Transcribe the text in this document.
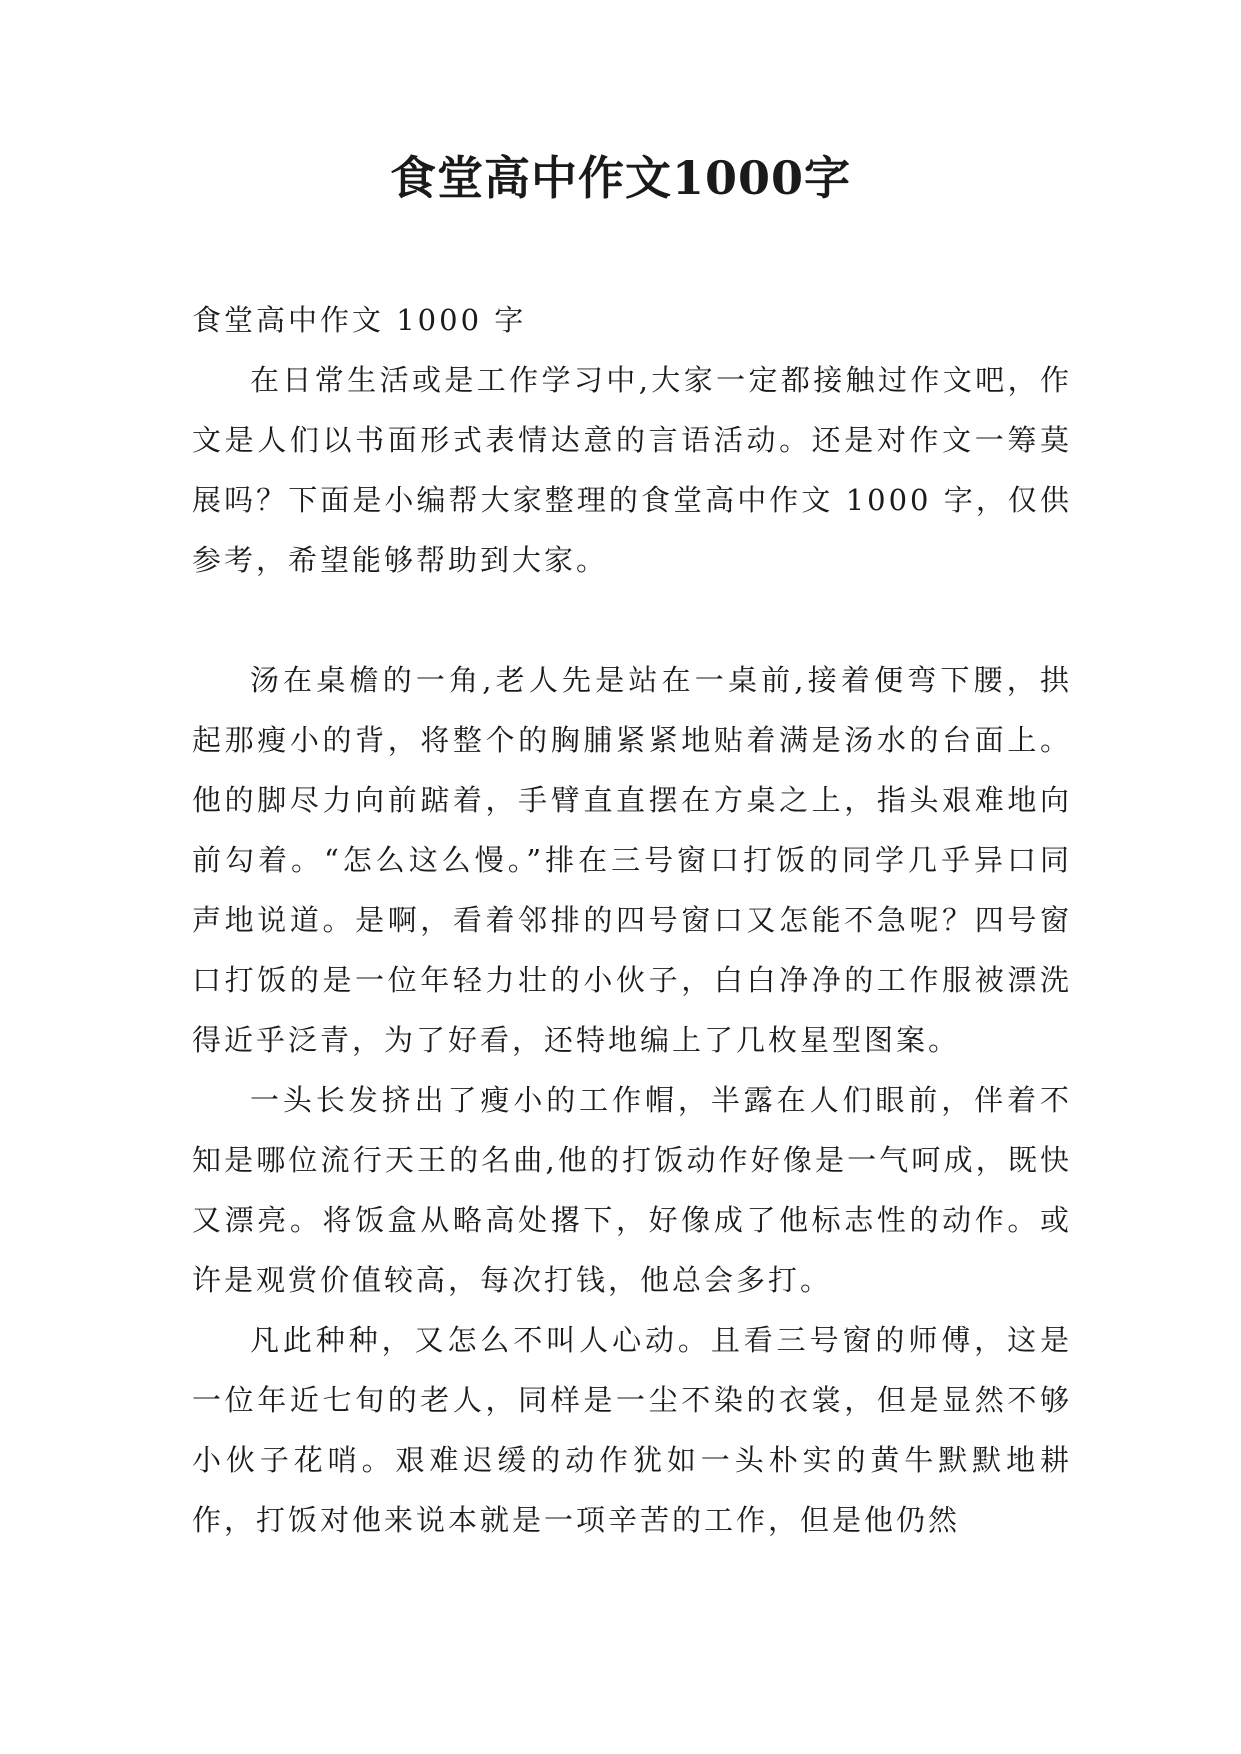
食堂高中作文1000字

食堂高中作文 1000 字

在日常生活或是工作学习中,大家一定都接触过作文吧，作文是人们以书面形式表情达意的言语活动。还是对作文一筹莫展吗？下面是小编帮大家整理的食堂高中作文 1000 字，仅供参考，希望能够帮助到大家。

汤在桌檐的一角,老人先是站在一桌前,接着便弯下腰，拱起那瘦小的背，将整个的胸脯紧紧地贴着满是汤水的台面上。他的脚尽力向前踮着，手臂直直摆在方桌之上，指头艰难地向前勾着。“怎么这么慢。”排在三号窗口打饭的同学几乎异口同声地说道。是啊，看着邻排的四号窗口又怎能不急呢？四号窗口打饭的是一位年轻力壮的小伙子，白白净净的工作服被漂洗得近乎泛青，为了好看，还特地编上了几枚星型图案。

一头长发挤出了瘦小的工作帽，半露在人们眼前，伴着不知是哪位流行天王的名曲,他的打饭动作好像是一气呵成，既快又漂亮。将饭盒从略高处撂下，好像成了他标志性的动作。或许是观赏价值较高，每次打钱，他总会多打。

凡此种种，又怎么不叫人心动。且看三号窗的师傅，这是一位年近七旬的老人，同样是一尘不染的衣裳，但是显然不够小伙子花哨。艰难迟缓的动作犹如一头朴实的黄牛默默地耕作，打饭对他来说本就是一项辛苦的工作，但是他仍然
